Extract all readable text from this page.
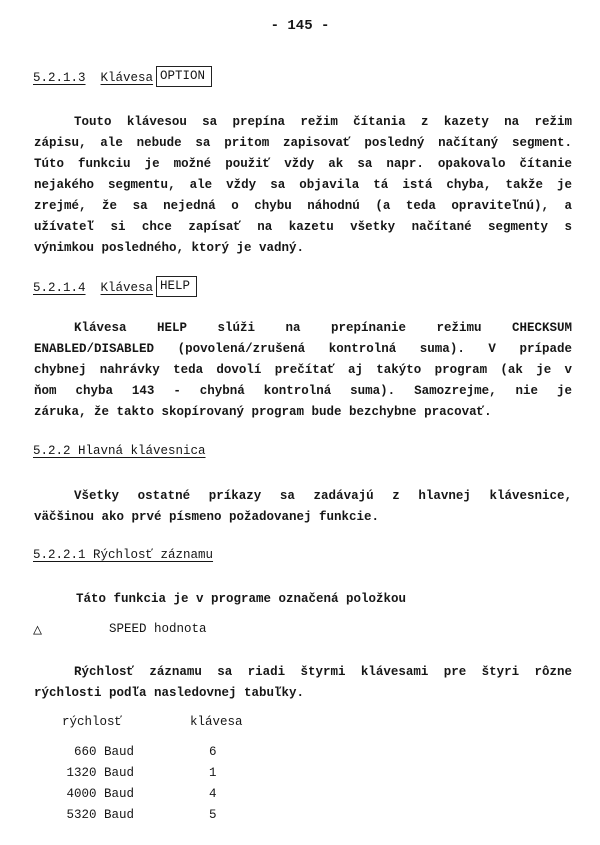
- 145 -
5.2.1.3
Klávesa OPTION
Touto klávesou sa prepína režim čítania z kazety na režim
zápisu, ale nebude sa pritom zapisovať posledný načítaný segment.
Túto funkciu je možné použiť vždy ak sa napr. opakovalo čítanie
nejakého segmentu, ale vždy sa objavila tá istá chyba, takže je
zrejmé, že sa nejedná o chybu náhodnú (a teda opraviteľnú), a
užívateľ si chce zapísať na kazetu všetky načítané segmenty s
výnimkou posledného, ktorý je vadný.
5.2.1.4
Klávesa HELP
Klávesa HELP slúži na prepínanie režimu CHECKSUM
ENABLED/DISABLED (povolená/zrušená kontrolná suma). V prípade
chybnej nahrávky teda dovolí prečítať aj takýto program (ak je v
ňom chyba 143 - chybná kontrolná suma). Samozrejme, nie je
záruka, že takto skopírovaný program bude bezchybne pracovať.
5.2.2 Hlavná klávesnica
Všetky ostatné príkazy sa zadávajú z hlavnej klávesnice,
väčšinou ako prvé písmeno požadovanej funkcie.
5.2.2.1 Rýchlosť záznamu
Táto funkcia je v programe označená položkou
△	SPEED hodnota
Rýchlosť záznamu sa riadi štyrmi klávesami pre štyri rôzne
rýchlosti podľa nasledovnej tabuľky.
rýchlosť	klávesa
660 Baud	6
1320 Baud	1
4000 Baud	4
5320 Baud	5
